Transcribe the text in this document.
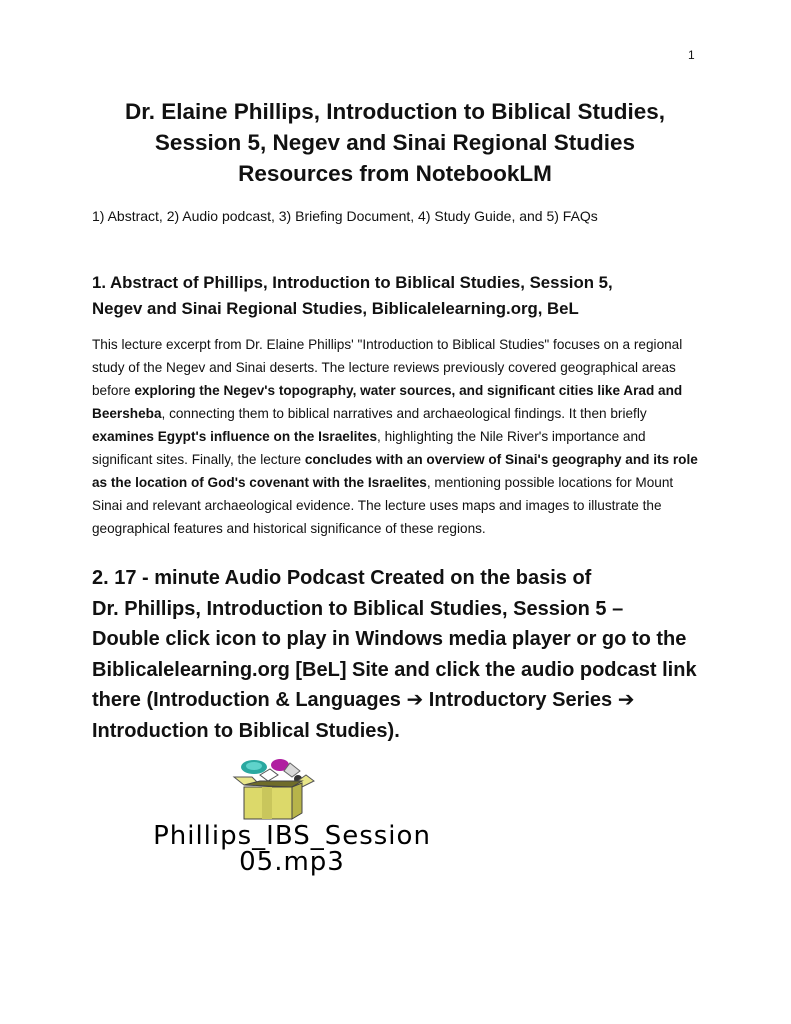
1
Dr. Elaine Phillips, Introduction to Biblical Studies,
Session 5, Negev and Sinai Regional Studies
Resources from NotebookLM
1) Abstract, 2) Audio podcast, 3) Briefing Document, 4) Study Guide, and 5) FAQs
1. Abstract of Phillips, Introduction to Biblical Studies, Session 5,
Negev and Sinai Regional Studies, Biblicalelearning.org, BeL
This lecture excerpt from Dr. Elaine Phillips' "Introduction to Biblical Studies" focuses on a regional study of the Negev and Sinai deserts. The lecture reviews previously covered geographical areas before exploring the Negev's topography, water sources, and significant cities like Arad and Beersheba, connecting them to biblical narratives and archaeological findings. It then briefly examines Egypt's influence on the Israelites, highlighting the Nile River's importance and significant sites. Finally, the lecture concludes with an overview of Sinai's geography and its role as the location of God's covenant with the Israelites, mentioning possible locations for Mount Sinai and relevant archaeological evidence. The lecture uses maps and images to illustrate the geographical features and historical significance of these regions.
2. 17 - minute Audio Podcast Created on the basis of
Dr. Phillips, Introduction to Biblical Studies, Session 5 –
Double click icon to play in Windows media player or go to the
Biblicalelearning.org [BeL] Site and click the audio podcast link
there (Introduction & Languages ➔ Introductory Series ➔
Introduction to Biblical Studies).
Phillips_IBS_Session
05.mp3
